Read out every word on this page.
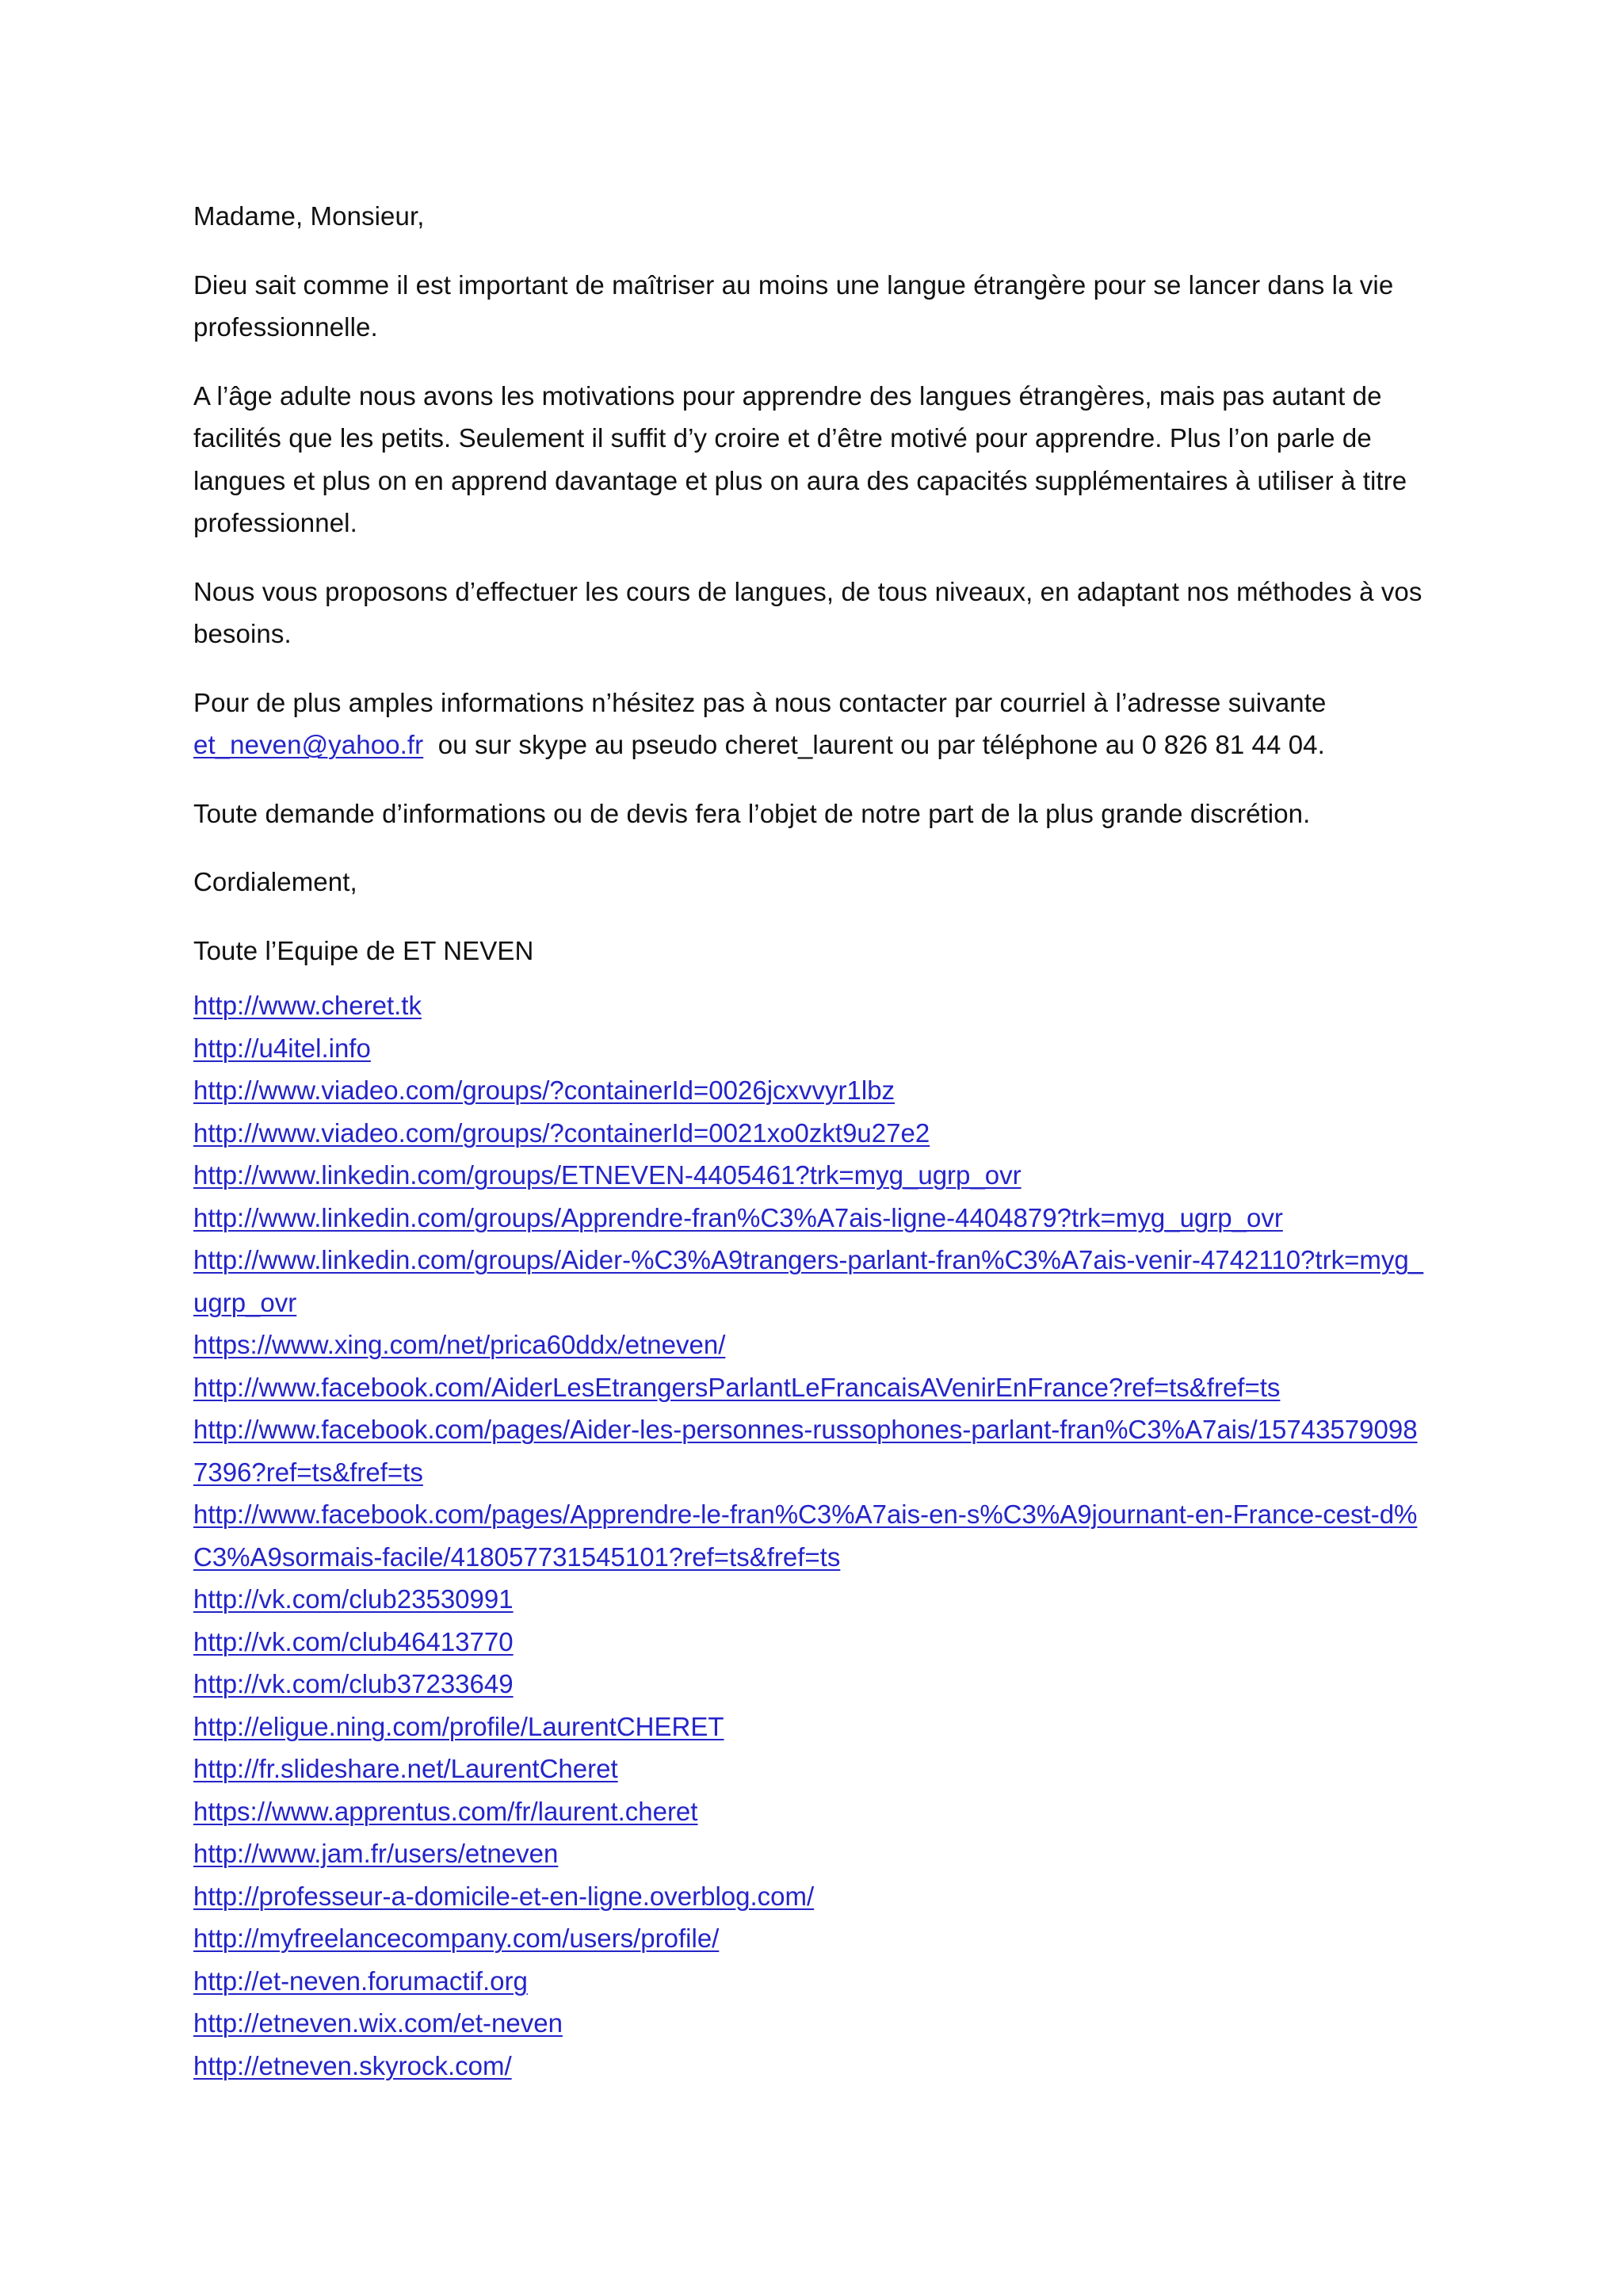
Madame, Monsieur,

Dieu sait comme il est important de maîtriser au moins une langue étrangère pour se lancer dans la vie professionnelle.

A l’âge adulte nous avons les motivations pour apprendre des langues étrangères, mais pas autant de facilités que les petits. Seulement il suffit d’y croire et d’être motivé pour apprendre. Plus l’on parle de langues et plus on en apprend davantage et plus on aura des capacités supplémentaires à utiliser à titre professionnel.

Nous vous proposons d’effectuer les cours de langues, de tous niveaux, en adaptant nos méthodes à vos besoins.

Pour de plus amples informations n’hésitez pas à nous contacter par courriel à l’adresse suivante et_neven@yahoo.fr  ou sur skype au pseudo cheret_laurent ou par téléphone au 0 826 81 44 04.

Toute demande d’informations ou de devis fera l’objet de notre part de la plus grande discrétion.

Cordialement,

Toute l’Equipe de ET NEVEN

http://www.cheret.tk
http://u4itel.info
http://www.viadeo.com/groups/?containerId=0026jcxvvyr1lbz
http://www.viadeo.com/groups/?containerId=0021xo0zkt9u27e2
http://www.linkedin.com/groups/ETNEVEN-4405461?trk=myg_ugrp_ovr
http://www.linkedin.com/groups/Apprendre-fran%C3%A7ais-ligne-4404879?trk=myg_ugrp_ovr
http://www.linkedin.com/groups/Aider-%C3%A9trangers-parlant-fran%C3%A7ais-venir-4742110?trk=myg_ugrp_ovr
https://www.xing.com/net/prica60ddx/etneven/
http://www.facebook.com/AiderLesEtrangersParlantLeFrancaisAVenirEnFrance?ref=ts&fref=ts
http://www.facebook.com/pages/Aider-les-personnes-russophones-parlant-fran%C3%A7ais/157435790987396?ref=ts&fref=ts
http://www.facebook.com/pages/Apprendre-le-fran%C3%A7ais-en-s%C3%A9journant-en-France-cest-d%C3%A9sormais-facile/418057731545101?ref=ts&fref=ts
http://vk.com/club23530991
http://vk.com/club46413770
http://vk.com/club37233649
http://eligue.ning.com/profile/LaurentCHERET
http://fr.slideshare.net/LaurentCheret
https://www.apprentus.com/fr/laurent.cheret
http://www.jam.fr/users/etneven
http://professeur-a-domicile-et-en-ligne.overblog.com/
http://myfreelancecompany.com/users/profile/
http://et-neven.forumactif.org
http://etneven.wix.com/et-neven
http://etneven.skyrock.com/
